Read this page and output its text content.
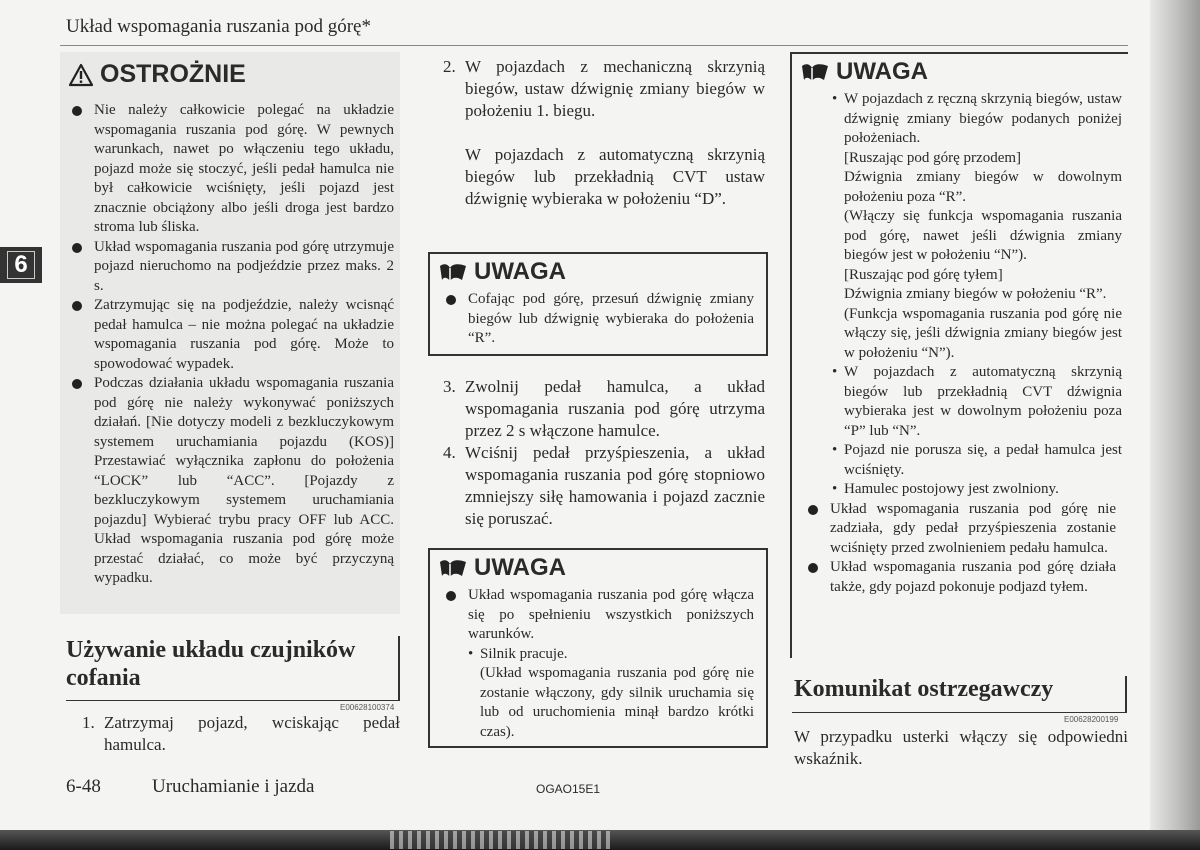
Układ wspomagania ruszania pod górę*
6
OSTROŻNIE
Nie należy całkowicie polegać na układzie wspomagania ruszania pod górę. W pewnych warunkach, nawet po włączeniu tego układu, pojazd może się stoczyć, jeśli pedał hamulca nie był całkowicie wciśnięty, jeśli pojazd jest znacznie obciążony albo jeśli droga jest bardzo stroma lub śliska.
Układ wspomagania ruszania pod górę utrzymuje pojazd nieruchomo na podjeździe przez maks. 2 s.
Zatrzymując się na podjeździe, należy wcisnąć pedał hamulca – nie można polegać na układzie wspomagania ruszania pod górę. Może to spowodować wypadek.
Podczas działania układu wspomagania ruszania pod górę nie należy wykonywać poniższych działań. [Nie dotyczy modeli z bezkluczykowym systemem uruchamiania pojazdu (KOS)] Przestawiać wyłącznika zapłonu do położenia “LOCK” lub “ACC”. [Pojazdy z bezkluczykowym systemem uruchamiania pojazdu] Wybierać trybu pracy OFF lub ACC. Układ wspomagania ruszania pod górę może przestać działać, co może być przyczyną wypadku.
Używanie układu czujników cofania
E00628100374
1. Zatrzymaj pojazd, wciskając pedał hamulca.
2. W pojazdach z mechaniczną skrzynią biegów, ustaw dźwignię zmiany biegów w położeniu 1. biegu.
W pojazdach z automatyczną skrzynią biegów lub przekładnią CVT ustaw dźwignię wybieraka w położeniu “D”.
UWAGA
Cofając pod górę, przesuń dźwignię zmiany biegów lub dźwignię wybieraka do położenia “R”.
3. Zwolnij pedał hamulca, a układ wspomagania ruszania pod górę utrzyma przez 2 s włączone hamulce.
4. Wciśnij pedał przyśpieszenia, a układ wspomagania ruszania pod górę stopniowo zmniejszy siłę hamowania i pojazd zacznie się poruszać.
UWAGA
Układ wspomagania ruszania pod górę włącza się po spełnieniu wszystkich poniższych warunków.
• Silnik pracuje.
(Układ wspomagania ruszania pod górę nie zostanie włączony, gdy silnik uruchamia się lub od uruchomienia minął bardzo krótki czas).
UWAGA
• W pojazdach z ręczną skrzynią biegów, ustaw dźwignię zmiany biegów podanych poniżej położeniach.
[Ruszając pod górę przodem]
Dźwignia zmiany biegów w dowolnym położeniu poza “R”.
(Włączy się funkcja wspomagania ruszania pod górę, nawet jeśli dźwignia zmiany biegów jest w położeniu “N”).
[Ruszając pod górę tyłem]
Dźwignia zmiany biegów w położeniu “R”.
(Funkcja wspomagania ruszania pod górę nie włączy się, jeśli dźwignia zmiany biegów jest w położeniu “N”).
• W pojazdach z automatyczną skrzynią biegów lub przekładnią CVT dźwignia wybieraka jest w dowolnym położeniu poza “P” lub “N”.
• Pojazd nie porusza się, a pedał hamulca jest wciśnięty.
• Hamulec postojowy jest zwolniony.
Układ wspomagania ruszania pod górę nie zadziała, gdy pedał przyśpieszenia zostanie wciśnięty przed zwolnieniem pedału hamulca.
Układ wspomagania ruszania pod górę działa także, gdy pojazd pokonuje podjazd tyłem.
Komunikat ostrzegawczy
E00628200199
W przypadku usterki włączy się odpowiedni wskaźnik.
6-48	Uruchamianie i jazda	OGAO15E1
